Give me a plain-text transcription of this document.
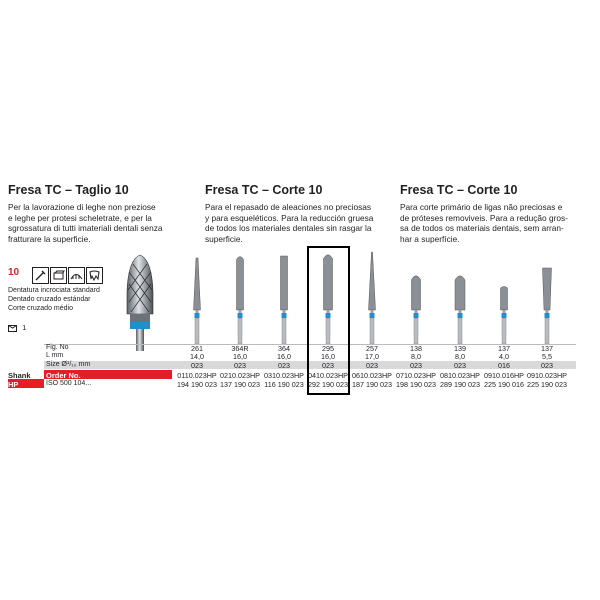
Fresa TC – Taglio 10	Fresa TC – Corte 10	Fresa TC – Corte 10
Per la lavorazione di leghe non preziose
e leghe per protesi scheletrate, e per la
sgrossatura di tutti imateriali dentali senza
fratturare la superficie.
Para el repasado de aleaciones no preciosas
y para esqueléticos. Para la reducción gruesa
de todos los materiales dentales sin rasgar la
superficie.
Para corte primário de ligas não preciosas e
de próteses removiveis. Para a redução gros-
sa de todos os materiais dentais, sem arran-
har a superfície.
10
Dentatura incrociata standard
Dentado cruzado estándar
Corte cruzado médio
1
Fig. No
L mm
Size Ø¹/₁₀ mm
Shank
HP
Order No.
ISO 500 104...
261
14,0
023
0110.023HP
194 190 023
364R
16,0
023
0210.023HP
137 190 023
364
16,0
023
0310.023HP
116 190 023
295
16,0
023
0410.023HP
292 190 023
257
17,0
023
0610.023HP
187 190 023
138
8,0
023
0710.023HP
198 190 023
139
8,0
023
0810.023HP
289 190 023
137
4,0
016
0910.016HP
225 190 016
137
5,5
023
0910.023HP
225 190 023
